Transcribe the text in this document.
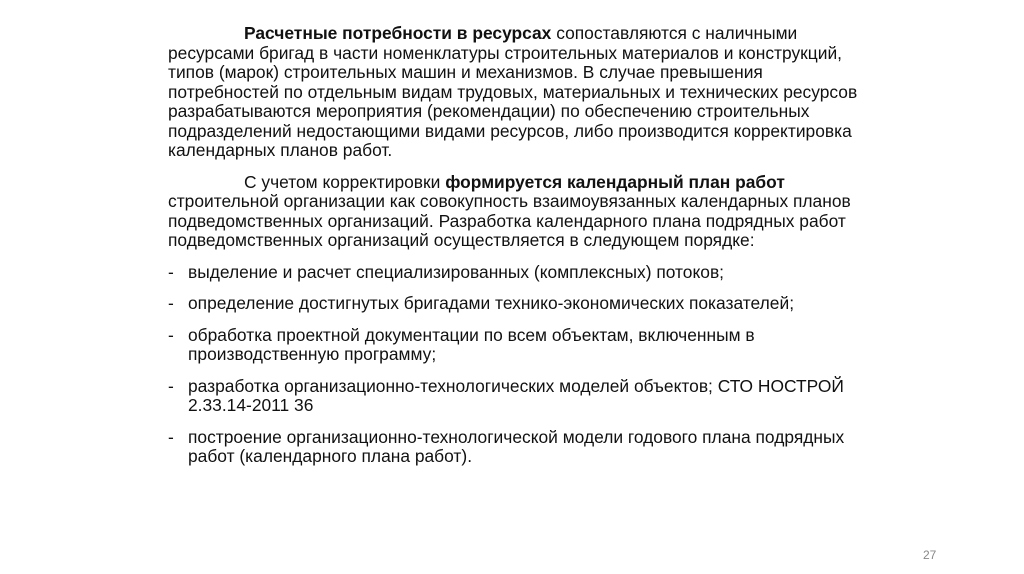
Расчетные потребности в ресурсах сопоставляются с наличными ресурсами бригад в части номенклатуры строительных материалов и конструкций, типов (марок) строительных машин и механизмов. В случае превышения потребностей по отдельным видам трудовых, материальных и технических ресурсов разрабатываются мероприятия (рекомендации) по обеспечению строительных подразделений недостающими видами ресурсов, либо производится корректировка календарных планов работ.

С учетом корректировки формируется календарный план работ строительной организации как совокупность взаимоувязанных календарных планов подведомственных организаций. Разработка календарного плана подрядных работ подведомственных организаций осуществляется в следующем порядке:

- выделение и расчет специализированных (комплексных) потоков;
- определение достигнутых бригадами технико-экономических показателей;
- обработка проектной документации по всем объектам, включенным в производственную программу;
- разработка организационно-технологических моделей объектов; СТО НОСТРОЙ 2.33.14-2011 36
- построение организационно-технологической модели годового плана подрядных работ (календарного плана работ).
27
